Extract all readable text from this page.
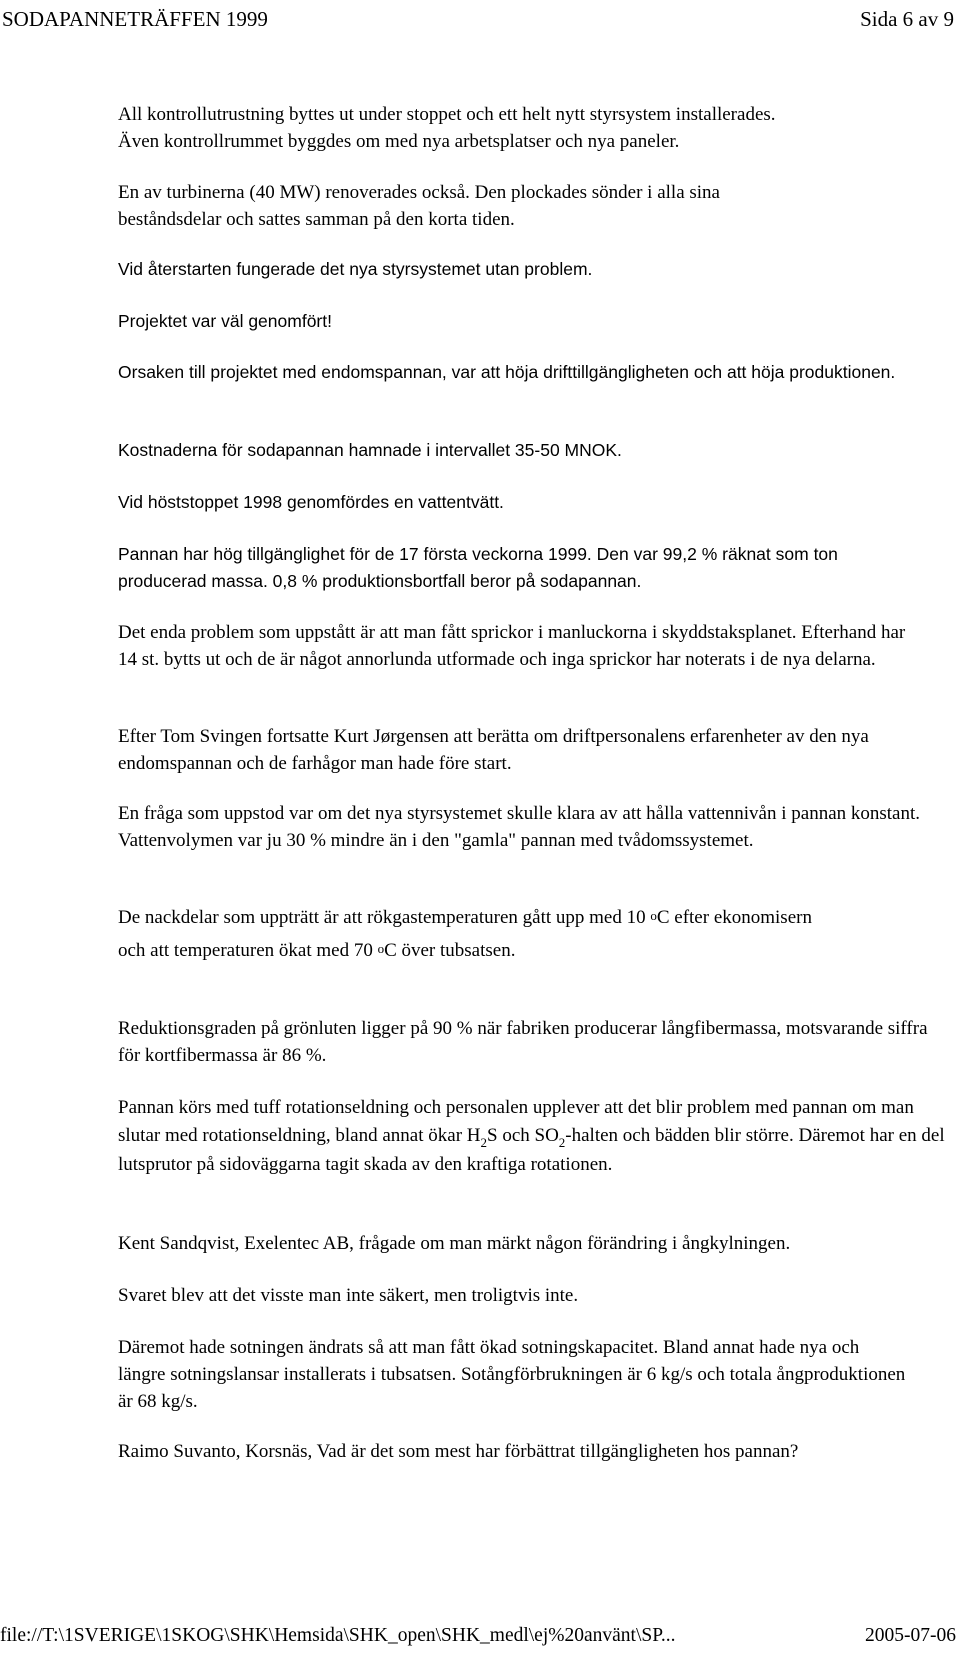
SODAPANNETRÄFFEN 1999	Sida 6 av 9

All kontrollutrustning byttes ut under stoppet och ett helt nytt styrsystem installerades.

Även kontrollrummet byggdes om med nya arbetsplatser och nya paneler.

En av turbinerna (40 MW) renoverades också. Den plockades sönder i alla sina beståndsdelar och sattes samman på den korta tiden.

Vid återstarten fungerade det nya styrsystemet utan problem.

Projektet var väl genomfört!

Orsaken till projektet med endomspannan, var att höja drifttillgängligheten och att höja produktionen.

Kostnaderna för sodapannan hamnade i intervallet 35-50 MNOK.

Vid höststoppet 1998 genomfördes en vattentvätt.

Pannan har hög tillgänglighet för de 17 första veckorna 1999. Den var 99,2 % räknat som ton producerad massa. 0,8 % produktionsbortfall beror på sodapannan.

Det enda problem som uppstått är att man fått sprickor i manluckorna i skyddstaksplanet. Efterhand har 14 st. bytts ut och de är något annorlunda utformade och inga sprickor har noterats i de nya delarna.

Efter Tom Svingen fortsatte Kurt Jørgensen att berätta om driftpersonalens erfarenheter av den nya endomspannan och de farhågor man hade före start.

En fråga som uppstod var om det nya styrsystemet skulle klara av att hålla vattennivån i pannan konstant. Vattenvolymen var ju 30 % mindre än i den "gamla" pannan med tvådomssystemet.

De nackdelar som uppträtt är att rökgastemperaturen gått upp med 10 $^o$C efter ekonomisern och att temperaturen ökat med 70 $^o$C över tubsatsen.

Reduktionsgraden på grönluten ligger på 90 % när fabriken producerar långfibermassa, motsvarande siffra för kortfibermassa är 86 %.

Pannan körs med tuff rotationseldning och personalen upplever att det blir problem med pannan om man slutar med rotationseldning, bland annat ökar $H_2S$ och $SO_2$-halten och bädden blir större. Däremot har en del lutsprutor på sidoväggarna tagit skada av den kraftiga rotationen.

Kent Sandqvist, Exelentec AB, frågade om man märkt någon förändring i ångkylningen.

Svaret blev att det visste man inte säkert, men troligtvis inte.

Däremot hade sotningen ändrats så att man fått ökad sotningskapacitet. Bland annat hade nya och längre sotningslansar installerats i tubsatsen. Sotångförbrukningen är 6 kg/s och totala ångproduktionen är 68 kg/s.

Raimo Suvanto, Korsnäs, Vad är det som mest har förbättrat tillgängligheten hos pannan?

file://T:\1SVERIGE\1SKOG\SHK\Hemsida\SHK_open\SHK_medl\ej%20använt\SP...	2005-07-06
